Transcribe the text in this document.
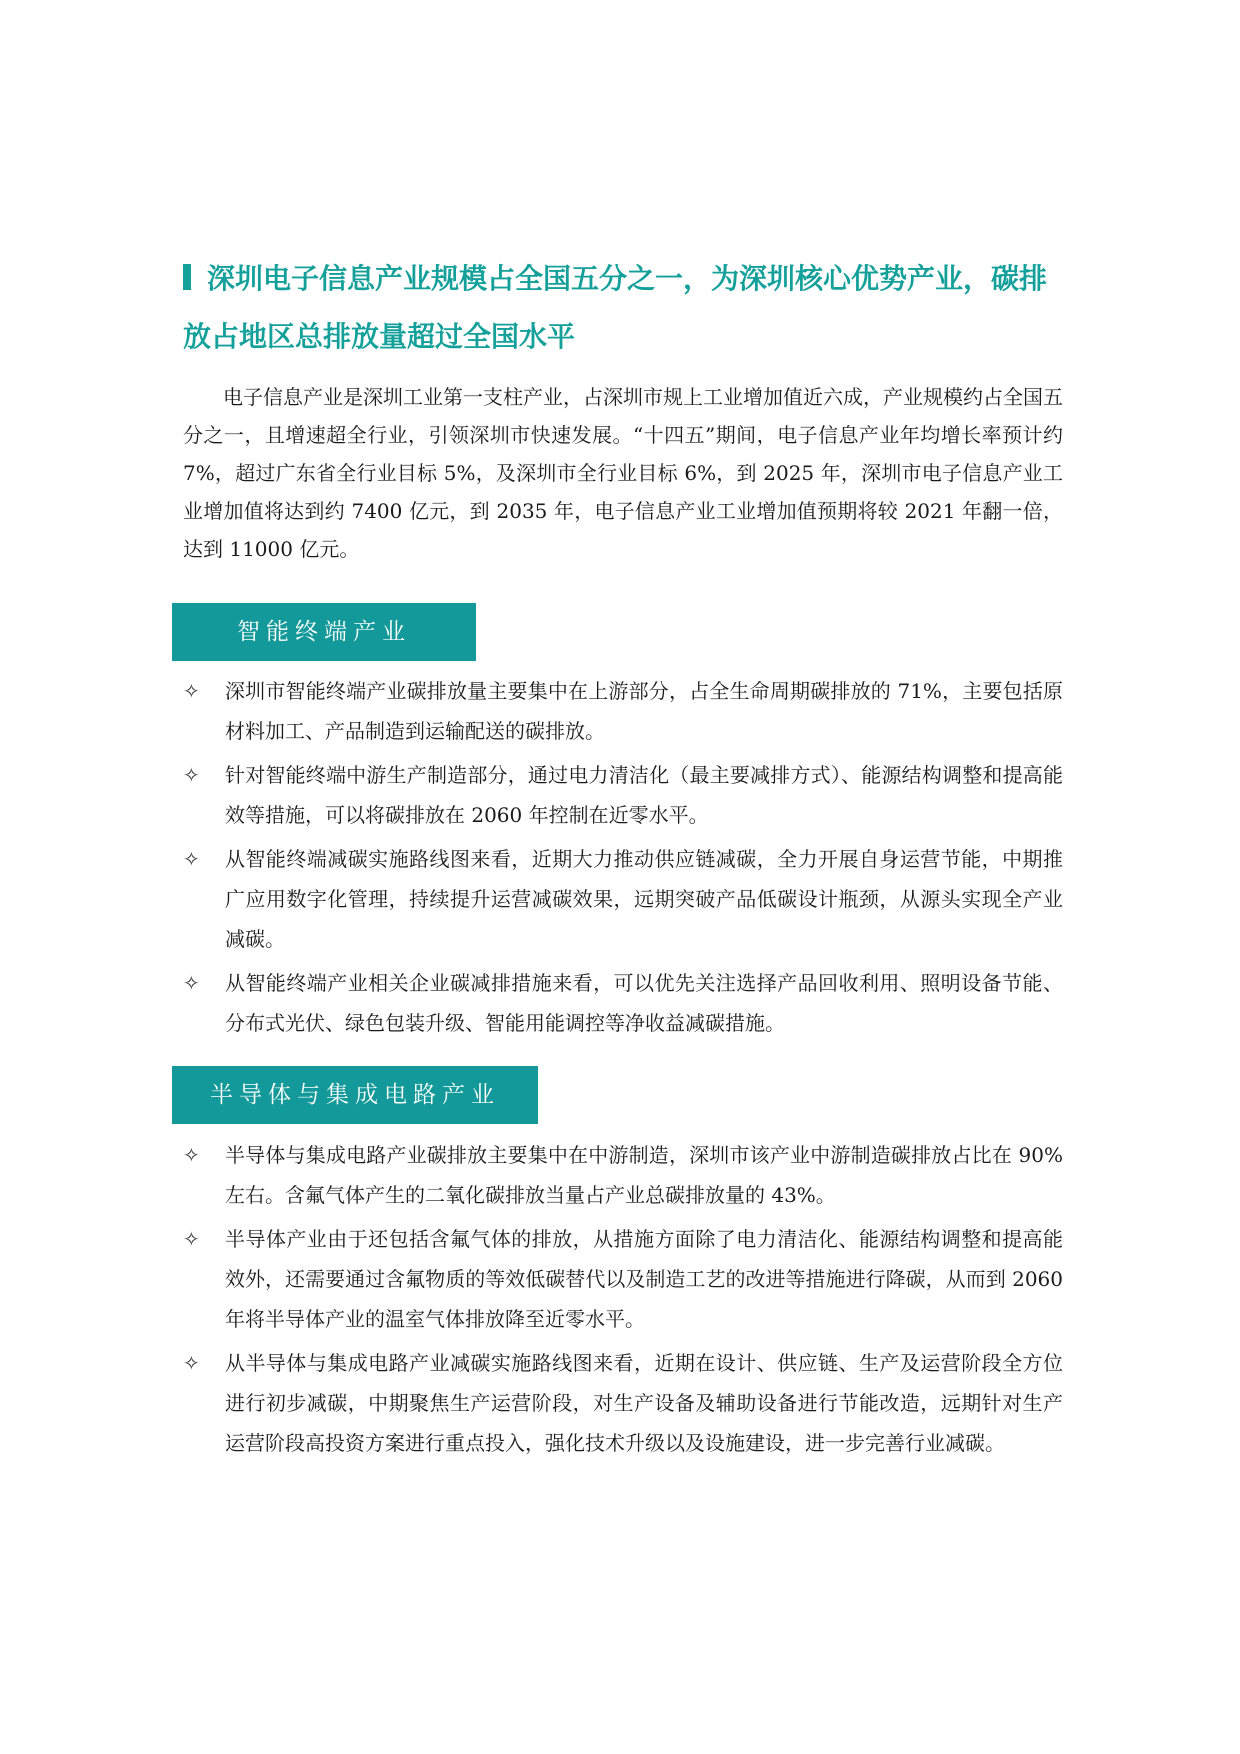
深圳电子信息产业规模占全国五分之一，为深圳核心优势产业，碳排放占地区总排放量超过全国水平

电子信息产业是深圳工业第一支柱产业，占深圳市规上工业增加值近六成，产业规模约占全国五分之一，且增速超全行业，引领深圳市快速发展。“十四五”期间，电子信息产业年均增长率预计约 7%，超过广东省全行业目标 5%，及深圳市全行业目标 6%，到 2025 年，深圳市电子信息产业工业增加值将达到约 7400 亿元，到 2035 年，电子信息产业工业增加值预期将较 2021 年翻一倍，达到 11000 亿元。

智能终端产业
✧ 深圳市智能终端产业碳排放量主要集中在上游部分，占全生命周期碳排放的 71%，主要包括原材料加工、产品制造到运输配送的碳排放。
✧ 针对智能终端中游生产制造部分，通过电力清洁化（最主要减排方式）、能源结构调整和提高能效等措施，可以将碳排放在 2060 年控制在近零水平。
✧ 从智能终端减碳实施路线图来看，近期大力推动供应链减碳，全力开展自身运营节能，中期推广应用数字化管理，持续提升运营减碳效果，远期突破产品低碳设计瓶颈，从源头实现全产业减碳。
✧ 从智能终端产业相关企业碳减排措施来看，可以优先关注选择产品回收利用、照明设备节能、分布式光伏、绿色包装升级、智能用能调控等净收益减碳措施。
半导体与集成电路产业
✧ 半导体与集成电路产业碳排放主要集中在中游制造，深圳市该产业中游制造碳排放占比在 90%左右。含氟气体产生的二氧化碳排放当量占产业总碳排放量的 43%。
✧ 半导体产业由于还包括含氟气体的排放，从措施方面除了电力清洁化、能源结构调整和提高能效外，还需要通过含氟物质的等效低碳替代以及制造工艺的改进等措施进行降碳，从而到 2060 年将半导体产业的温室气体排放降至近零水平。
✧ 从半导体与集成电路产业减碳实施路线图来看，近期在设计、供应链、生产及运营阶段全方位进行初步减碳，中期聚焦生产运营阶段，对生产设备及辅助设备进行节能改造，远期针对生产运营阶段高投资方案进行重点投入，强化技术升级以及设施建设，进一步完善行业减碳。
